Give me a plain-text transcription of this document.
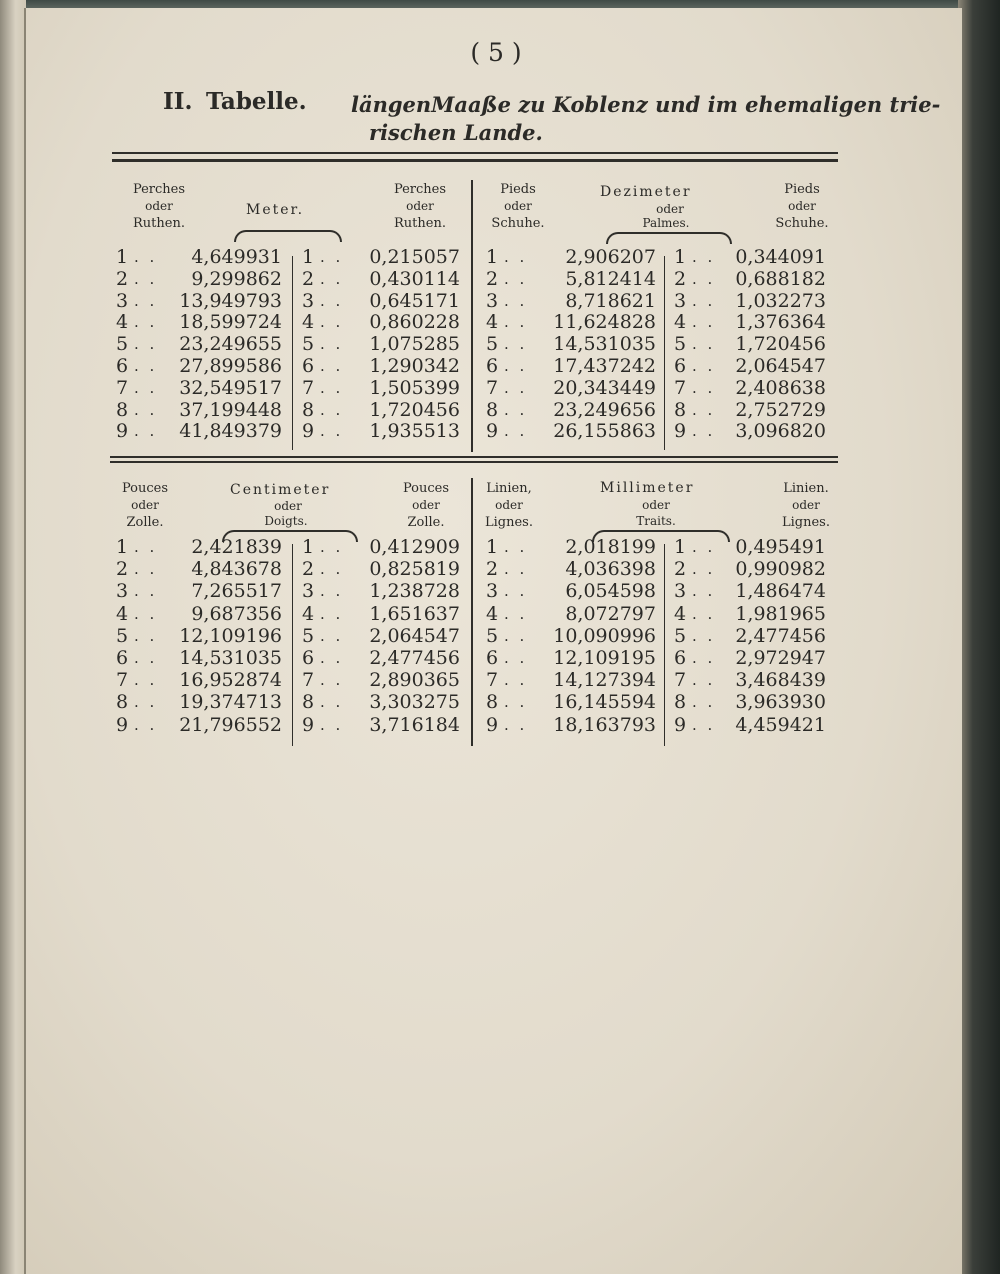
( 5 )
II. Tabelle. längenMaaße zu Koblenz und im ehemaligen trie-
rischen Lande.
Perches
oder
Ruthen.
Meter.
Perches
oder
Ruthen.
Pieds
oder
Schuhe.
Dezimeter
oder
Palmes.
Pieds
oder
Schuhe.
1 . . 4,649931 1 . . 0,215057 1 . . 2,906207 1 . . 0,344091
2 . . 9,299862 2 . . 0,430114 2 . . 5,812414 2 . . 0,688182
3 . . 13,949793 3 . . 0,645171 3 . . 8,718621 3 . . 1,032273
4 . . 18,599724 4 . . 0,860228 4 . . 11,624828 4 . . 1,376364
5 . . 23,249655 5 . . 1,075285 5 . . 14,531035 5 . . 1,720456
6 . . 27,899586 6 . . 1,290342 6 . . 17,437242 6 . . 2,064547
7 . . 32,549517 7 . . 1,505399 7 . . 20,343449 7 . . 2,408638
8 . . 37,199448 8 . . 1,720456 8 . . 23,249656 8 . . 2,752729
9 . . 41,849379 9 . . 1,935513 9 . . 26,155863 9 . . 3,096820
Pouces
oder
Zolle.
Centimeter
oder
Doigts.
Pouces
oder
Zolle.
Linien,
oder
Lignes.
Millimeter
oder
Traits.
Linien.
oder
Lignes.
1 . . 2,421839 1 . . 0,412909 1 . . 2,018199 1 . . 0,495491
2 . . 4,843678 2 . . 0,825819 2 . . 4,036398 2 . . 0,990982
3 . . 7,265517 3 . . 1,238728 3 . . 6,054598 3 . . 1,486474
4 . . 9,687356 4 . . 1,651637 4 . . 8,072797 4 . . 1,981965
5 . . 12,109196 5 . . 2,064547 5 . . 10,090996 5 . . 2,477456
6 . . 14,531035 6 . . 2,477456 6 . . 12,109195 6 . . 2,972947
7 . . 16,952874 7 . . 2,890365 7 . . 14,127394 7 . . 3,468439
8 . . 19,374713 8 . . 3,303275 8 . . 16,145594 8 . . 3,963930
9 . . 21,796552 9 . . 3,716184 9 . . 18,163793 9 . . 4,459421
